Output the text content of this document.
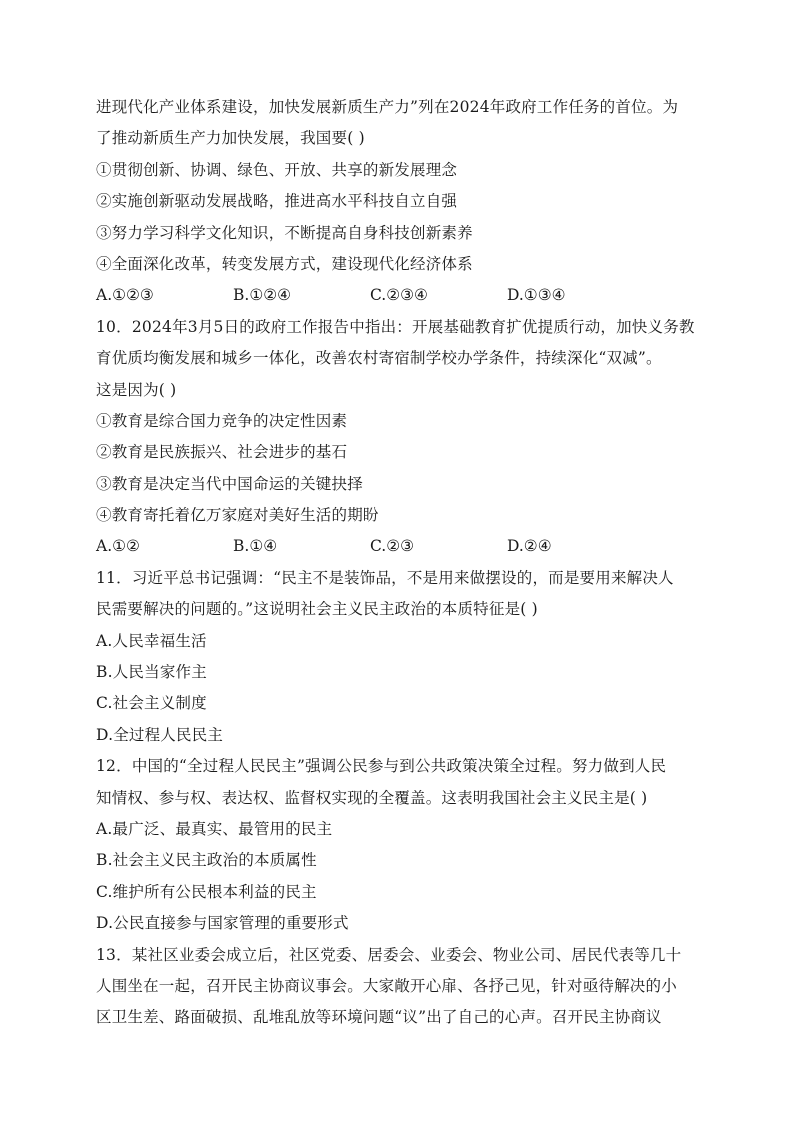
进现代化产业体系建设，加快发展新质生产力”列在2024年政府工作任务的首位。为
了推动新质生产力加快发展，我国要( )
①贯彻创新、协调、绿色、开放、共享的新发展理念
②实施创新驱动发展战略，推进高水平科技自立自强
③努力学习科学文化知识，不断提高自身科技创新素养
④全面深化改革，转变发展方式，建设现代化经济体系
A.①②③	B.①②④	C.②③④	D.①③④
10．2024年3月5日的政府工作报告中指出：开展基础教育扩优提质行动，加快义务教
育优质均衡发展和城乡一体化，改善农村寄宿制学校办学条件，持续深化“双减”。
这是因为( )
①教育是综合国力竞争的决定性因素
②教育是民族振兴、社会进步的基石
③教育是决定当代中国命运的关键抉择
④教育寄托着亿万家庭对美好生活的期盼
A.①②	B.①④	C.②③	D.②④
11．习近平总书记强调：“民主不是装饰品，不是用来做摆设的，而是要用来解决人
民需要解决的问题的。”这说明社会主义民主政治的本质特征是( )
A.人民幸福生活
B.人民当家作主
C.社会主义制度
D.全过程人民民主
12．中国的“全过程人民民主”强调公民参与到公共政策决策全过程。努力做到人民
知情权、参与权、表达权、监督权实现的全覆盖。这表明我国社会主义民主是( )
A.最广泛、最真实、最管用的民主
B.社会主义民主政治的本质属性
C.维护所有公民根本利益的民主
D.公民直接参与国家管理的重要形式
13．某社区业委会成立后，社区党委、居委会、业委会、物业公司、居民代表等几十
人围坐在一起，召开民主协商议事会。大家敞开心扉、各抒己见，针对亟待解决的小
区卫生差、路面破损、乱堆乱放等环境问题“议”出了自己的心声。召开民主协商议
